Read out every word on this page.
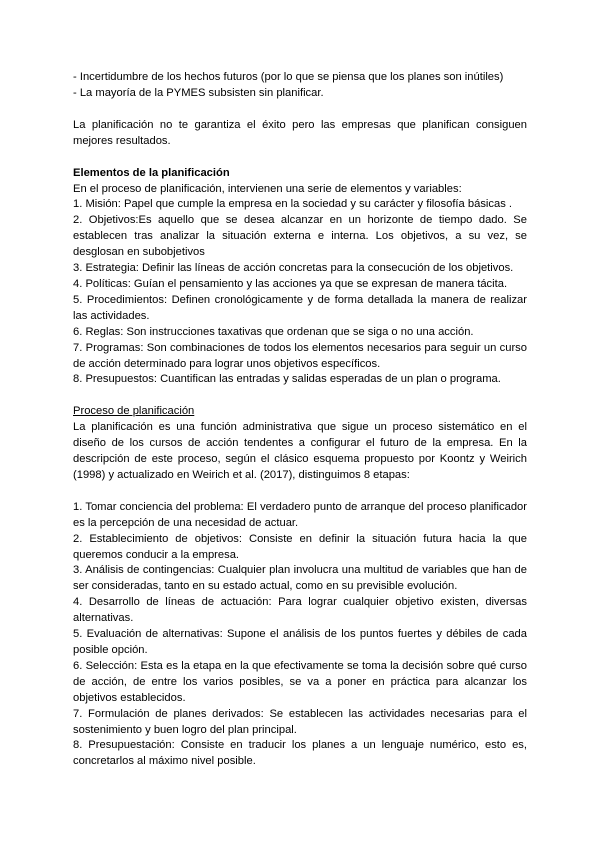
- Incertidumbre de los hechos futuros (por lo que se piensa que los planes son inútiles)

- La mayoría de la PYMES subsisten sin planificar.

La planificación no te garantiza el éxito pero las empresas que planifican consiguen mejores resultados.

Elementos de la planificación

En el proceso de planificación, intervienen una serie de elementos y variables:

1. Misión: Papel que cumple la empresa en la sociedad y su carácter y filosofía básicas .

2. Objetivos:Es aquello que se desea alcanzar en un horizonte de tiempo dado. Se establecen tras analizar la situación externa e interna. Los objetivos, a su vez, se desglosan en subobjetivos

3. Estrategia: Definir las líneas de acción concretas para la consecución de los objetivos.

4. Políticas: Guían el pensamiento y las acciones ya que se expresan de manera tácita.

5. Procedimientos: Definen cronológicamente y de forma detallada la manera de realizar las actividades.

6. Reglas: Son instrucciones taxativas que ordenan que se siga o no una acción.

7. Programas: Son combinaciones de todos los elementos necesarios para seguir un curso de acción determinado para lograr unos objetivos específicos.

8. Presupuestos: Cuantifican las entradas y salidas esperadas de un plan o programa.

Proceso de planificación

La planificación es una función administrativa que sigue un proceso sistemático en el diseño de los cursos de acción tendentes a configurar el futuro de la empresa. En la descripción de este proceso, según el clásico esquema propuesto por Koontz y Weirich (1998) y actualizado en Weirich et al. (2017), distinguimos 8 etapas:

1. Tomar conciencia del problema: El verdadero punto de arranque del proceso planificador es la percepción de una necesidad de actuar.

2. Establecimiento de objetivos: Consiste en definir la situación futura hacia la que queremos conducir a la empresa.

3. Análisis de contingencias: Cualquier plan involucra una multitud de variables que han de ser consideradas, tanto en su estado actual, como en su previsible evolución.

4. Desarrollo de líneas de actuación: Para lograr cualquier objetivo existen, diversas alternativas.

5. Evaluación de alternativas: Supone el análisis de los puntos fuertes y débiles de cada posible opción.

6. Selección: Esta es la etapa en la que efectivamente se toma la decisión sobre qué curso de acción, de entre los varios posibles, se va a poner en práctica para alcanzar los objetivos establecidos.

7. Formulación de planes derivados: Se establecen las actividades necesarias para el sostenimiento y buen logro del plan principal.

8. Presupuestación: Consiste en traducir los planes a un lenguaje numérico, esto es, concretarlos al máximo nivel posible.
